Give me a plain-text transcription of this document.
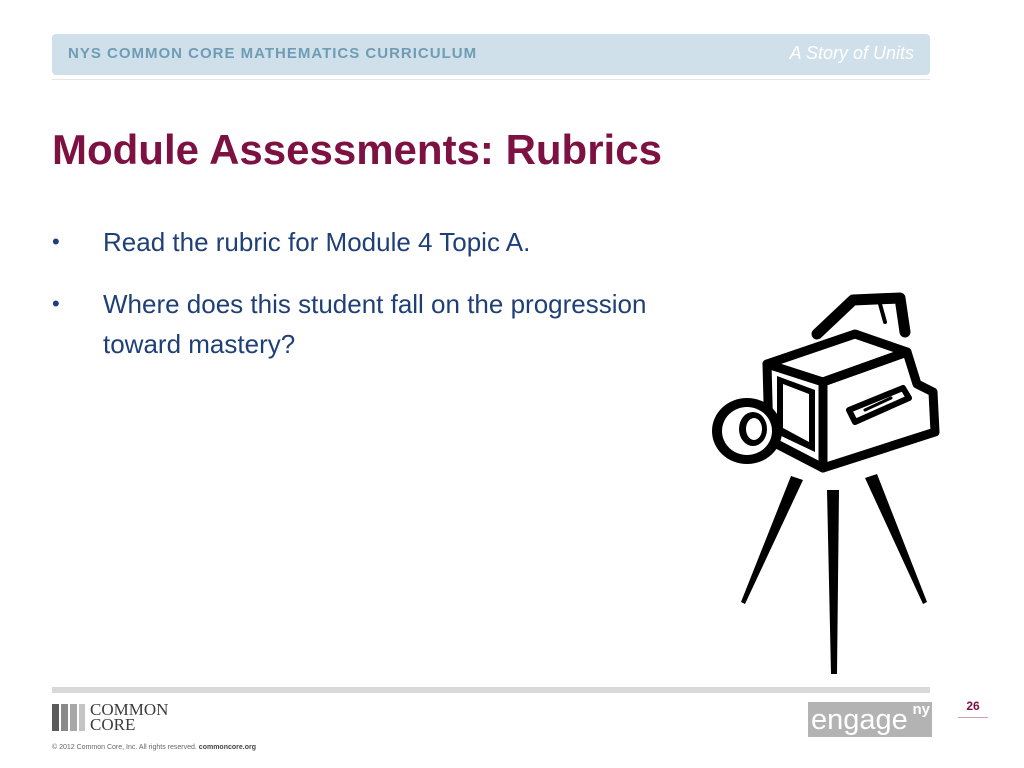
NYS COMMON CORE MATHEMATICS CURRICULUM	A Story of Units
Module Assessments: Rubrics
• Read the rubric for Module 4 Topic A.
• Where does this student fall on the progression toward mastery?
COMMON
CORE
© 2012 Common Core, Inc. All rights reserved. commoncore.org
engage ny	26
